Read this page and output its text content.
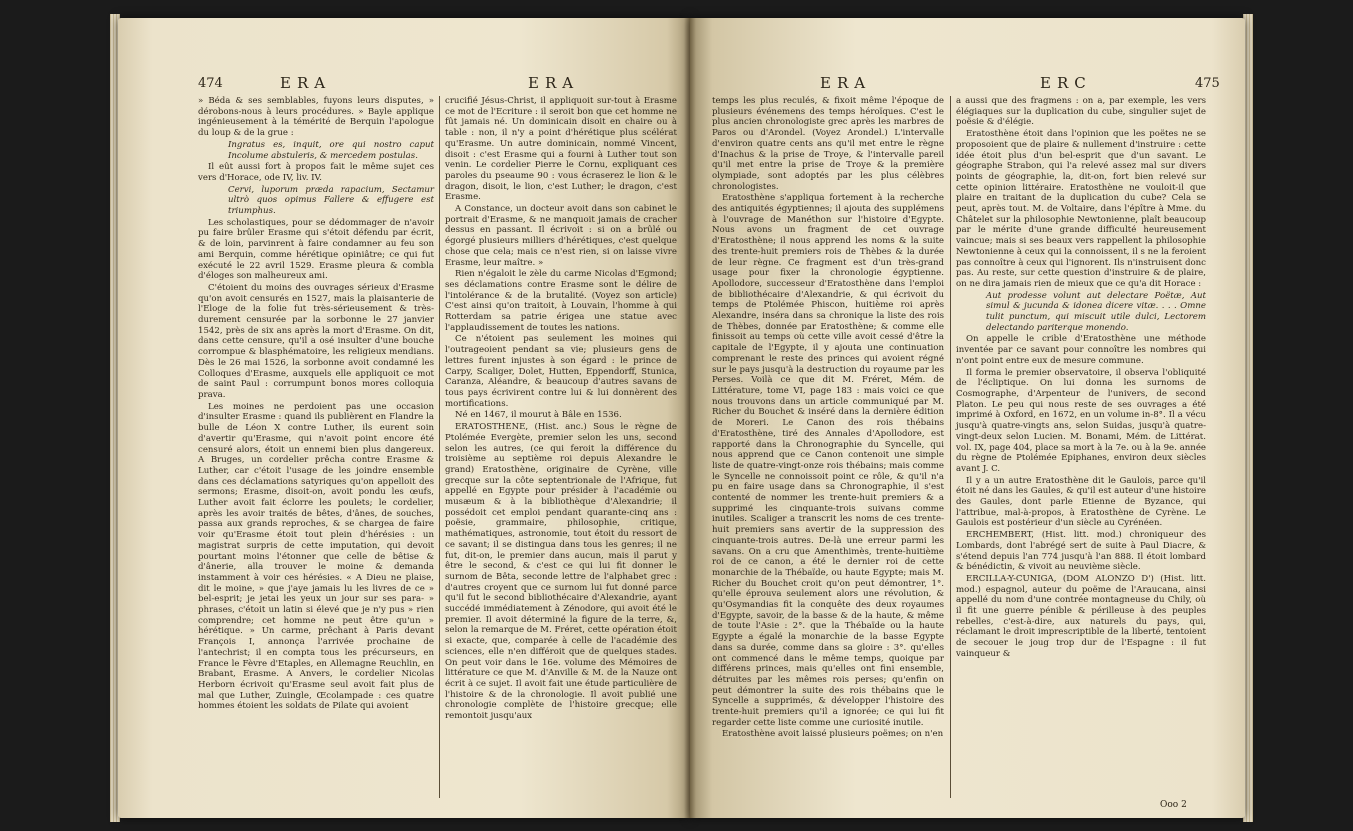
474	ERA	ERA

» Béda & ses semblables, fuyons leurs disputes, » dérobons-nous à leurs procédures. » Bayle applique ingénieusement à la témérité de Berquin l'apologue du loup & de la grue :

Ingratus es, inquit, ore qui nostro caput Incolume abstuleris, & mercedem postulas.

Il eût aussi fort à propos fait le même sujet ces vers d'Horace, ode IV, liv. IV.

Cervi, luporum præda rapacium, Sectamur ultrò quos opimus Fallere & effugere est triumphus.

Les scholastiques, pour se dédommager de n'avoir pu faire brûler Erasme qui s'étoit défendu par écrit, & de loin, parvinrent à faire condamner au feu son ami Berquin, comme hérétique opiniâtre; ce qui fut exécuté le 22 avril 1529. Erasme pleura & combla d'éloges son malheureux ami.

C'étoient du moins des ouvrages sérieux d'Erasme qu'on avoit censurés en 1527, mais la plaisanterie de l'Eloge de la folie fut très-sérieusement & très-durement censurée par la sorbonne le 27 janvier 1542, près de six ans après la mort d'Erasme. On dit, dans cette censure, qu'il a osé insulter d'une bouche corrompue & blasphématoire, les religieux mendians. Dès le 26 mai 1526, la sorbonne avoit condamné les Colloques d'Erasme, auxquels elle appliquoit ce mot de saint Paul : corrumpunt bonos mores colloquia prava.

Les moines ne perdoient pas une occasion d'insulter Erasme : quand ils publièrent en Flandre la bulle de Léon X contre Luther, ils eurent soin d'avertir qu'Erasme, qui n'avoit point encore été censuré alors, étoit un ennemi bien plus dangereux. A Bruges, un cordelier prêcha contre Erasme & Luther, car c'étoit l'usage de les joindre ensemble dans ces déclamations satyriques qu'on appelloit des sermons; Erasme, disoit-on, avoit pondu les œufs, Luther avoit fait éclorre les poulets; le cordelier, après les avoir traités de bêtes, d'ânes, de souches, passa aux grands reproches, & se chargea de faire voir qu'Erasme étoit tout plein d'hérésies : un magistrat surpris de cette imputation, qui devoit pourtant moins l'étonner que celle de bêtise & d'ânerie, alla trouver le moine & demanda instamment à voir ces hérésies. « A Dieu ne plaise, dit le moine, » que j'aye jamais lu les livres de ce » bel-esprit; je jetai les yeux un jour sur ses para- » phrases, c'étoit un latin si élevé que je n'y pus » rien comprendre; cet homme ne peut être qu'un » hérétique. » Un carme, prêchant à Paris devant François I, annonça l'arrivée prochaine de l'antechrist; il en compta tous les précurseurs, en France le Fèvre d'Etaples, en Allemagne Reuchlin, en Brabant, Erasme. A Anvers, le cordelier Nicolas Herborn écrivoit qu'Erasme seul avoit fait plus de mal que Luther, Zuingle, Œcolampade : ces quatre hommes étoient les soldats de Pilate qui avoient

crucifié Jésus-Christ, il appliquoit sur-tout à Erasme ce mot de l'Ecriture : il seroit bon que cet homme ne fût jamais né. Un dominicain disoit en chaire ou à table : non, il n'y a point d'hérétique plus scélérat qu'Erasme. Un autre dominicain, nommé Vincent, disoit : c'est Erasme qui a fourni à Luther tout son venin. Le cordelier Pierre le Cornu, expliquant ces paroles du pseaume 90 : vous écraserez le lion & le dragon, disoit, le lion, c'est Luther; le dragon, c'est Erasme.

A Constance, un docteur avoit dans son cabinet le portrait d'Erasme, & ne manquoit jamais de cracher dessus en passant. Il écrivoit : si on a brûlé ou égorgé plusieurs milliers d'hérétiques, c'est quelque chose que cela; mais ce n'est rien, si on laisse vivre Erasme, leur maître. »

Rien n'égaloit le zèle du carme Nicolas d'Egmond; ses déclamations contre Erasme sont le délire de l'intolérance & de la brutalité. (Voyez son article) C'est ainsi qu'on traitoit, à Louvain, l'homme à qui Rotterdam sa patrie érigea une statue avec l'applaudissement de toutes les nations.

Ce n'étoient pas seulement les moines qui l'outrageoient pendant sa vie; plusieurs gens de lettres furent injustes à son égard : le prince de Carpy, Scaliger, Dolet, Hutten, Eppendorff, Stunica, Caranza, Aléandre, & beaucoup d'autres savans de tous pays écrivirent contre lui & lui donnèrent des mortifications.

Né en 1467, il mourut à Bâle en 1536.

ERATOSTHENE, (Hist. anc.) Sous le règne de Ptolémée Evergète, premier selon les uns, second selon les autres, (ce qui feroit la différence du troisième au septième roi depuis Alexandre le grand) Eratosthène, originaire de Cyrène, ville grecque sur la côte septentrionale de l'Afrique, fut appellé en Egypte pour présider à l'académie ou musæum & à la bibliothèque d'Alexandrie; il possédoit cet emploi pendant quarante-cinq ans : poësie, grammaire, philosophie, critique, mathématiques, astronomie, tout étoit du ressort de ce savant; il se distingua dans tous les genres; il ne fut, dit-on, le premier dans aucun, mais il parut y être le second, & c'est ce qui lui fit donner le surnom de Bêta, seconde lettre de l'alphabet grec : d'autres croyent que ce surnom lui fut donné parce qu'il fut le second bibliothécaire d'Alexandrie, ayant succédé immédiatement à Zénodore, qui avoit été le premier. Il avoit déterminé la figure de la terre, &, selon la remarque de M. Fréret, cette opération étoit si exacte, que, comparée à celle de l'académie des sciences, elle n'en différoit que de quelques stades. On peut voir dans le 16e. volume des Mémoires de littérature ce que M. d'Anville & M. de la Nauze ont écrit à ce sujet. Il avoit fait une étude particulière de l'histoire & de la chronologie. Il avoit publié une chronologie complète de l'histoire grecque; elle remontoit jusqu'aux

ERA	ERC	475

temps les plus reculés, & fixoit même l'époque de plusieurs événemens des temps héroïques. C'est le plus ancien chronologiste grec après les marbres de Paros ou d'Arondel. (Voyez Arondel.) L'intervalle d'environ quatre cents ans qu'il met entre le règne d'Inachus & la prise de Troye, & l'intervalle pareil qu'il met entre la prise de Troye & la première olympiade, sont adoptés par les plus célèbres chronologistes.

Eratosthène s'appliqua fortement à la recherche des antiquités égyptiennes; il ajouta des supplémens à l'ouvrage de Manéthon sur l'histoire d'Egypte. Nous avons un fragment de cet ouvrage d'Eratosthène; il nous apprend les noms & la suite des trente-huit premiers rois de Thèbes & la durée de leur règne. Ce fragment est d'un très-grand usage pour fixer la chronologie égyptienne. Apollodore, successeur d'Eratosthène dans l'emploi de bibliothécaire d'Alexandrie, & qui écrivoit du temps de Ptolémée Phiscon, huitième roi après Alexandre, inséra dans sa chronique la liste des rois de Thèbes, donnée par Eratosthène; & comme elle finissoit au temps où cette ville avoit cessé d'être la capitale de l'Egypte, il y ajouta une continuation comprenant le reste des princes qui avoient régné sur le pays jusqu'à la destruction du royaume par les Perses. Voilà ce que dit M. Fréret, Mém. de Littérature, tome VI, page 183 : mais voici ce que nous trouvons dans un article communiqué par M. Richer du Bouchet & inséré dans la dernière édition de Moreri. Le Canon des rois thébains d'Eratosthène, tiré des Annales d'Apollodore, est rapporté dans la Chronographie du Syncelle, qui nous apprend que ce Canon contenoit une simple liste de quatre-vingt-onze rois thébains; mais comme le Syncelle ne connoissoit point ce rôle, & qu'il n'a pu en faire usage dans sa Chronographie, il s'est contenté de nommer les trente-huit premiers & a supprimé les cinquante-trois suivans comme inutiles. Scaliger a transcrit les noms de ces trente-huit premiers sans avertir de la suppression des cinquante-trois autres. De-là une erreur parmi les savans. On a cru que Amenthimès, trente-huitième roi de ce canon, a été le dernier roi de cette monarchie de la Thébaïde, ou haute Egypte; mais M. Richer du Bouchet croit qu'on peut démontrer, 1°. qu'elle éprouva seulement alors une révolution, & qu'Osymandias fit la conquête des deux royaumes d'Egypte, savoir, de la basse & de la haute, & même de toute l'Asie : 2°. que la Thébaïde ou la haute Egypte a égalé la monarchie de la basse Egypte dans sa durée, comme dans sa gloire : 3°. qu'elles ont commencé dans le même temps, quoique par différens princes, mais qu'elles ont fini ensemble, détruites par les mêmes rois perses; qu'enfin on peut démontrer la suite des rois thébains que le Syncelle a supprimés, & développer l'histoire des trente-huit premiers qu'il a ignorée; ce qui lui fit regarder cette liste comme une curiosité inutile.

Eratosthène avoit laissé plusieurs poëmes; on n'en

a aussi que des fragmens : on a, par exemple, les vers élégiaques sur la duplication du cube, singulier sujet de poësie & d'élégie.

Eratosthène étoit dans l'opinion que les poëtes ne se proposoient que de plaire & nullement d'instruire : cette idée étoit plus d'un bel-esprit que d'un savant. Le géographe Strabon, qui l'a relevé assez mal sur divers points de géographie, la, dit-on, fort bien relevé sur cette opinion littéraire. Eratosthène ne vouloit-il que plaire en traitant de la duplication du cube? Cela se peut, après tout. M. de Voltaire, dans l'épître à Mme. du Châtelet sur la philosophie Newtonienne, plaît beaucoup par le mérite d'une grande difficulté heureusement vaincue; mais si ses beaux vers rappellent la philosophie Newtonienne à ceux qui la connoissent, il s ne la feroient pas connoître à ceux qui l'ignorent. Ils n'instruisent donc pas. Au reste, sur cette question d'instruire & de plaire, on ne dira jamais rien de mieux que ce qu'a dit Horace :

Aut prodesse volunt aut delectare Poëtæ, Aut simul & jucunda & idonea dicere vitæ. . . . Omne tulit punctum, qui miscuit utile dulci, Lectorem delectando pariterque monendo.

On appelle le crible d'Eratosthène une méthode inventée par ce savant pour connoître les nombres qui n'ont point entre eux de mesure commune.

Il forma le premier observatoire, il observa l'obliquité de l'écliptique. On lui donna les surnoms de Cosmographe, d'Arpenteur de l'univers, de second Platon. Le peu qui nous reste de ses ouvrages a été imprimé à Oxford, en 1672, en un volume in-8°. Il a vécu jusqu'à quatre-vingts ans, selon Suidas, jusqu'à quatre-vingt-deux selon Lucien. M. Bonami, Mém. de Littérat. vol. IX, page 404, place sa mort à la 7e. ou à la 9e. année du règne de Ptolémée Epiphanes, environ deux siècles avant J. C.

Il y a un autre Eratosthène dit le Gaulois, parce qu'il étoit né dans les Gaules, & qu'il est auteur d'une histoire des Gaules, dont parle Etienne de Byzance, qui l'attribue, mal-à-propos, à Eratosthène de Cyrène. Le Gaulois est postérieur d'un siècle au Cyrénéen.

ERCHEMBERT, (Hist. litt. mod.) chroniqueur des Lombards, dont l'abrégé sert de suite à Paul Diacre, & s'étend depuis l'an 774 jusqu'à l'an 888. Il étoit lombard & bénédictin, & vivoit au neuvième siècle.

ERCILLA-Y-CUNIGA, (DOM ALONZO D') (Hist. litt. mod.) espagnol, auteur du poëme de l'Araucana, ainsi appellé du nom d'une contrée montagneuse du Chily, où il fit une guerre pénible & périlleuse à des peuples rebelles, c'est-à-dire, aux naturels du pays, qui, réclamant le droit imprescriptible de la liberté, tentoient de secouer le joug trop dur de l'Espagne : il fut vainqueur &

Ooo 2
